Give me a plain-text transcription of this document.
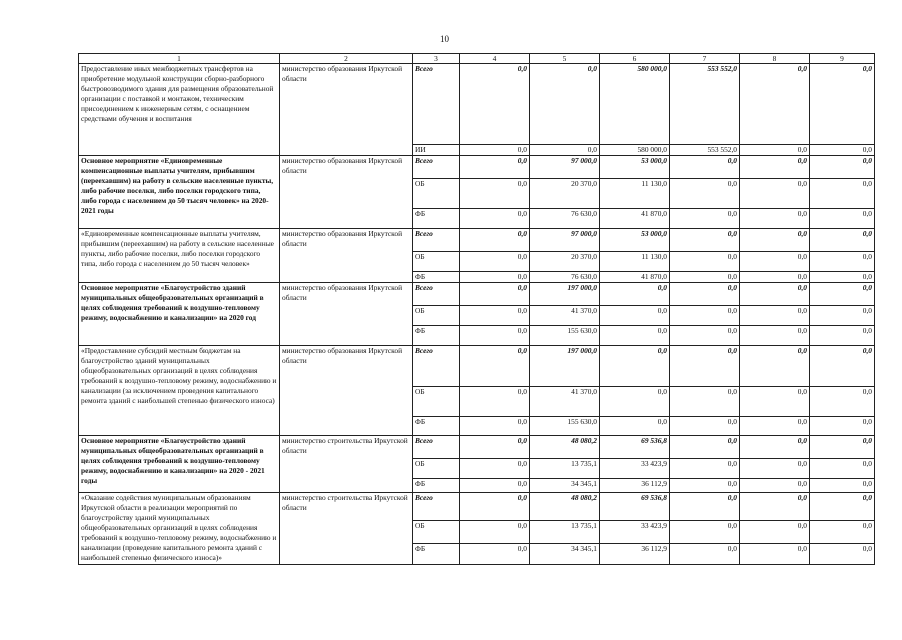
10
1	2	3	4	5	6	7	8	9
Предоставление иных межбюджетных трансфертов на приобретение модульной конструкции сборно-разборного быстровозводимого здания для размещения образовательной организации с поставкой и монтажом, техническим присоединением к инженерным сетям, с оснащением средствами обучения и воспитания	министерство образования Иркутской области	Всего	0,0	0,0	580 000,0	553 552,0	0,0	0,0
		ИИ	0,0	0,0	580 000,0	553 552,0	0,0	0,0
Основное мероприятие «Единовременные компенсационные выплаты учителям, прибывшим (переехавшим) на работу в сельские населенные пункты, либо рабочие поселки, либо поселки городского типа, либо города с населением до 50 тысяч человек» на 2020-2021 годы	министерство образования Иркутской области	Всего	0,0	97 000,0	53 000,0	0,0	0,0	0,0
		ОБ	0,0	20 370,0	11 130,0	0,0	0,0	0,0
		ФБ	0,0	76 630,0	41 870,0	0,0	0,0	0,0
«Единовременные компенсационные выплаты учителям, прибывшим (переехавшим) на работу в сельские населенные пункты, либо рабочие поселки, либо поселки городского типа, либо города с населением до 50 тысяч человек»	министерство образования Иркутской области	Всего	0,0	97 000,0	53 000,0	0,0	0,0	0,0
		ОБ	0,0	20 370,0	11 130,0	0,0	0,0	0,0
		ФБ	0,0	76 630,0	41 870,0	0,0	0,0	0,0
Основное мероприятие «Благоустройство зданий муниципальных общеобразовательных организаций в целях соблюдения требований к воздушно-тепловому режиму, водоснабжению и канализации» на 2020 год	министерство образования Иркутской области	Всего	0,0	197 000,0	0,0	0,0	0,0	0,0
		ОБ	0,0	41 370,0	0,0	0,0	0,0	0,0
		ФБ	0,0	155 630,0	0,0	0,0	0,0	0,0
«Предоставление субсидий местным бюджетам на благоустройство зданий муниципальных общеобразовательных организаций в целях соблюдения требований к воздушно-тепловому режиму, водоснабжению и канализации (за исключением проведения капитального ремонта зданий с наибольшей степенью физического износа)	министерство образования Иркутской области	Всего	0,0	197 000,0	0,0	0,0	0,0	0,0
		ОБ	0,0	41 370,0	0,0	0,0	0,0	0,0
		ФБ	0,0	155 630,0	0,0	0,0	0,0	0,0
Основное мероприятие «Благоустройство зданий муниципальных общеобразовательных организаций в целях соблюдения требований к воздушно-тепловому режиму, водоснабжению и канализации» на 2020 - 2021 годы	министерство строительства Иркутской области	Всего	0,0	48 080,2	69 536,8	0,0	0,0	0,0
		ОБ	0,0	13 735,1	33 423,9	0,0	0,0	0,0
		ФБ	0,0	34 345,1	36 112,9	0,0	0,0	0,0
«Оказание содействия муниципальным образованиям Иркутской области в реализации мероприятий по благоустройству зданий муниципальных общеобразовательных организаций в целях соблюдения требований к воздушно-тепловому режиму, водоснабжению и канализации (проведение капитального ремонта зданий с наибольшей степенью физического износа)»	министерство строительства Иркутской области	Всего	0,0	48 080,2	69 536,8	0,0	0,0	0,0
		ОБ	0,0	13 735,1	33 423,9	0,0	0,0	0,0
		ФБ	0,0	34 345,1	36 112,9	0,0	0,0	0,0
